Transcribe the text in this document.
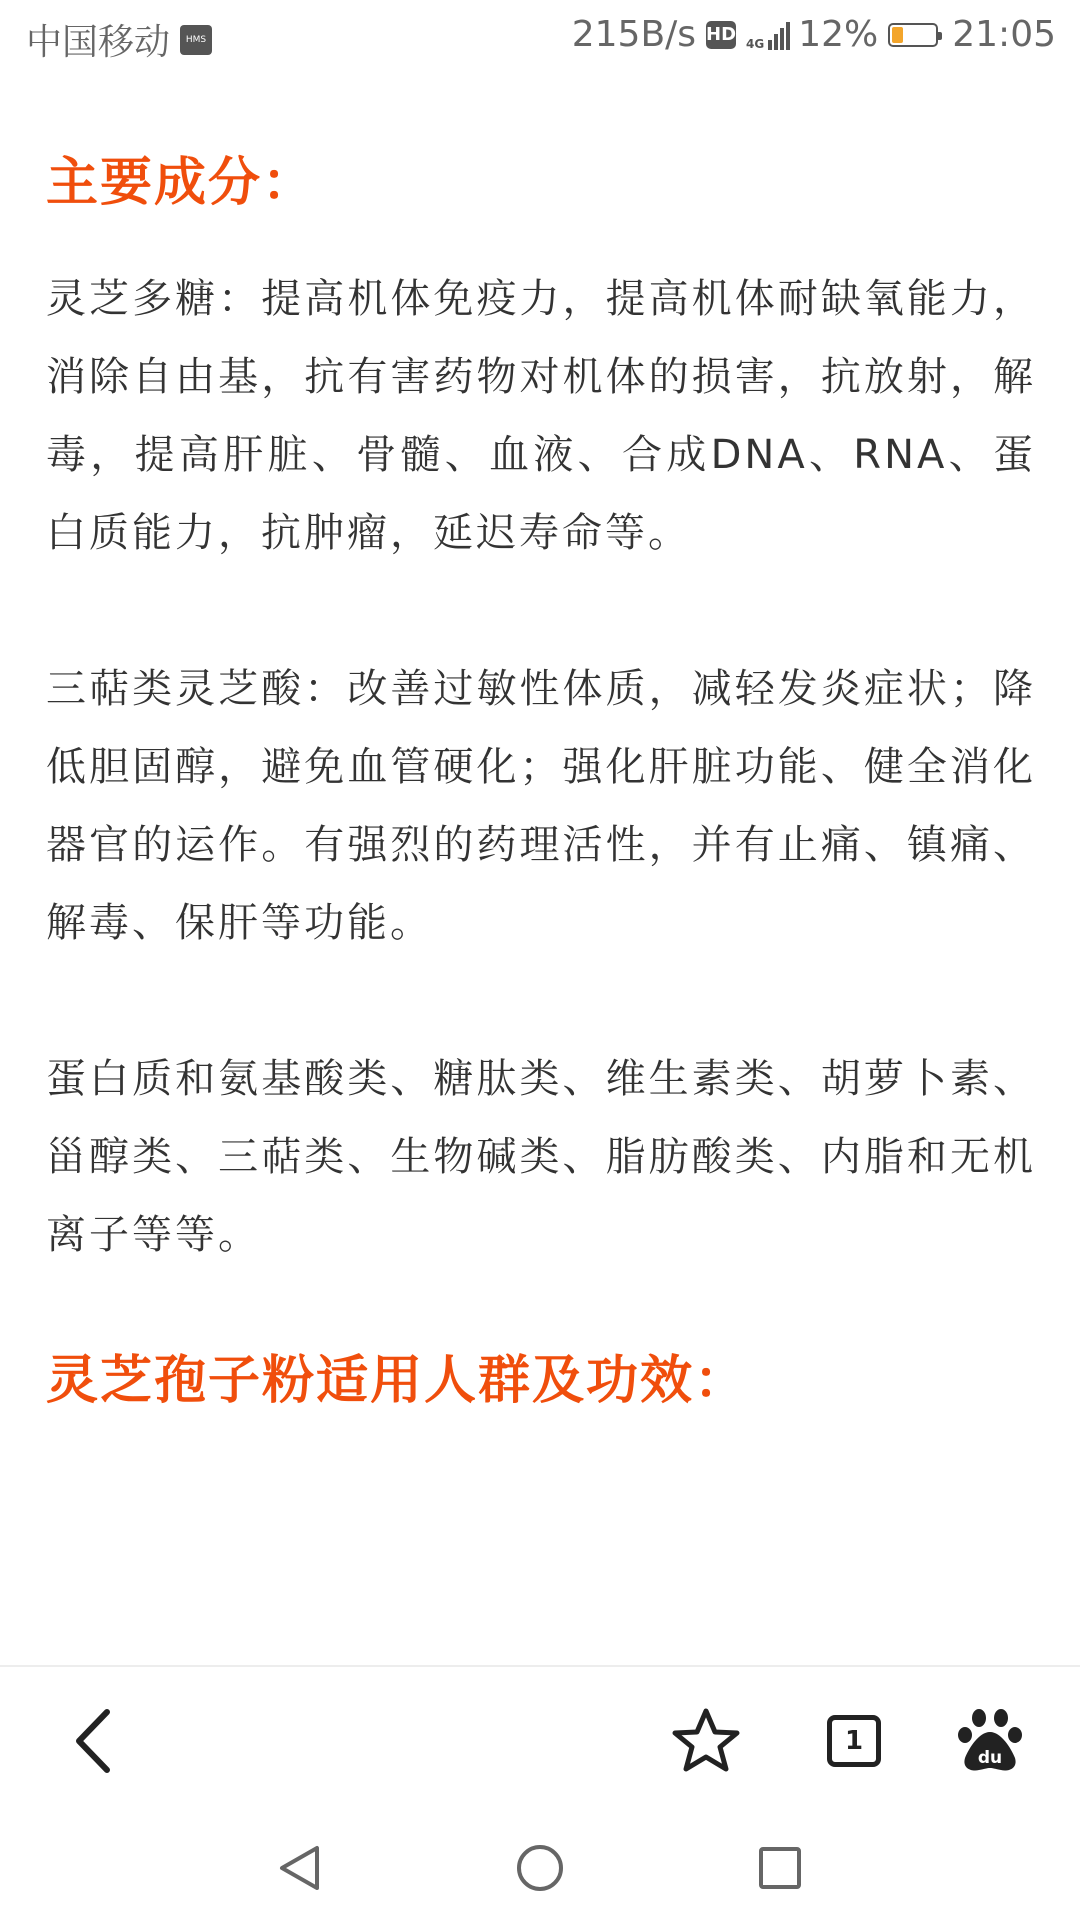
中国移动	HMS	215B/s HD 4G 12% 21:05
主要成分：

灵芝多糖：提高机体免疫力，提高机体耐缺氧能力，消除自由基，抗有害药物对机体的损害，抗放射，解毒，提高肝脏、骨髓、血液、合成DNA、RNA、蛋白质能力，抗肿瘤，延迟寿命等。

三萜类灵芝酸：改善过敏性体质，减轻发炎症状；降低胆固醇，避免血管硬化；强化肝脏功能、健全消化器官的运作。有强烈的药理活性，并有止痛、镇痛、解毒、保肝等功能。

蛋白质和氨基酸类、糖肽类、维生素类、胡萝卜素、甾醇类、三萜类、生物碱类、脂肪酸类、内脂和无机离子等等。

灵芝孢子粉适用人群及功效：
1
du
